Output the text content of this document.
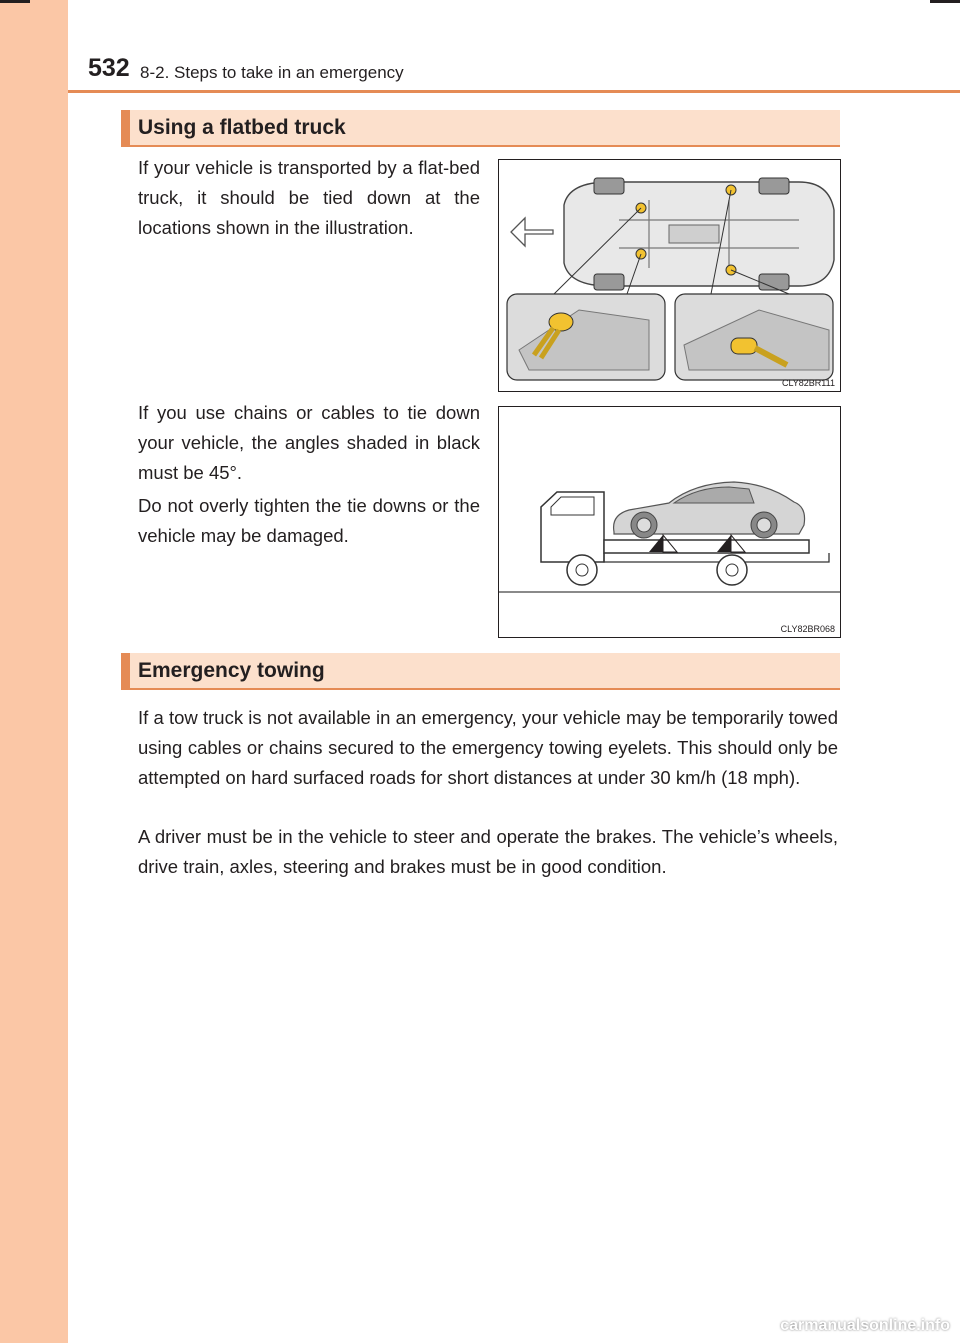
532 8-2. Steps to take in an emergency
Using a flatbed truck

If your vehicle is transported by a flat-bed truck, it should be tied down at the locations shown in the illustration.

CLY82BR111

If you use chains or cables to tie down your vehicle, the angles shaded in black must be 45°.

Do not overly tighten the tie downs or the vehicle may be damaged.

CLY82BR068
Emergency towing

If a tow truck is not available in an emergency, your vehicle may be temporarily towed using cables or chains secured to the emergency towing eyelets. This should only be attempted on hard surfaced roads for short distances at under 30 km/h (18 mph).

A driver must be in the vehicle to steer and operate the brakes. The vehicle’s wheels, drive train, axles, steering and brakes must be in good condition.

carmanualsonline.info
